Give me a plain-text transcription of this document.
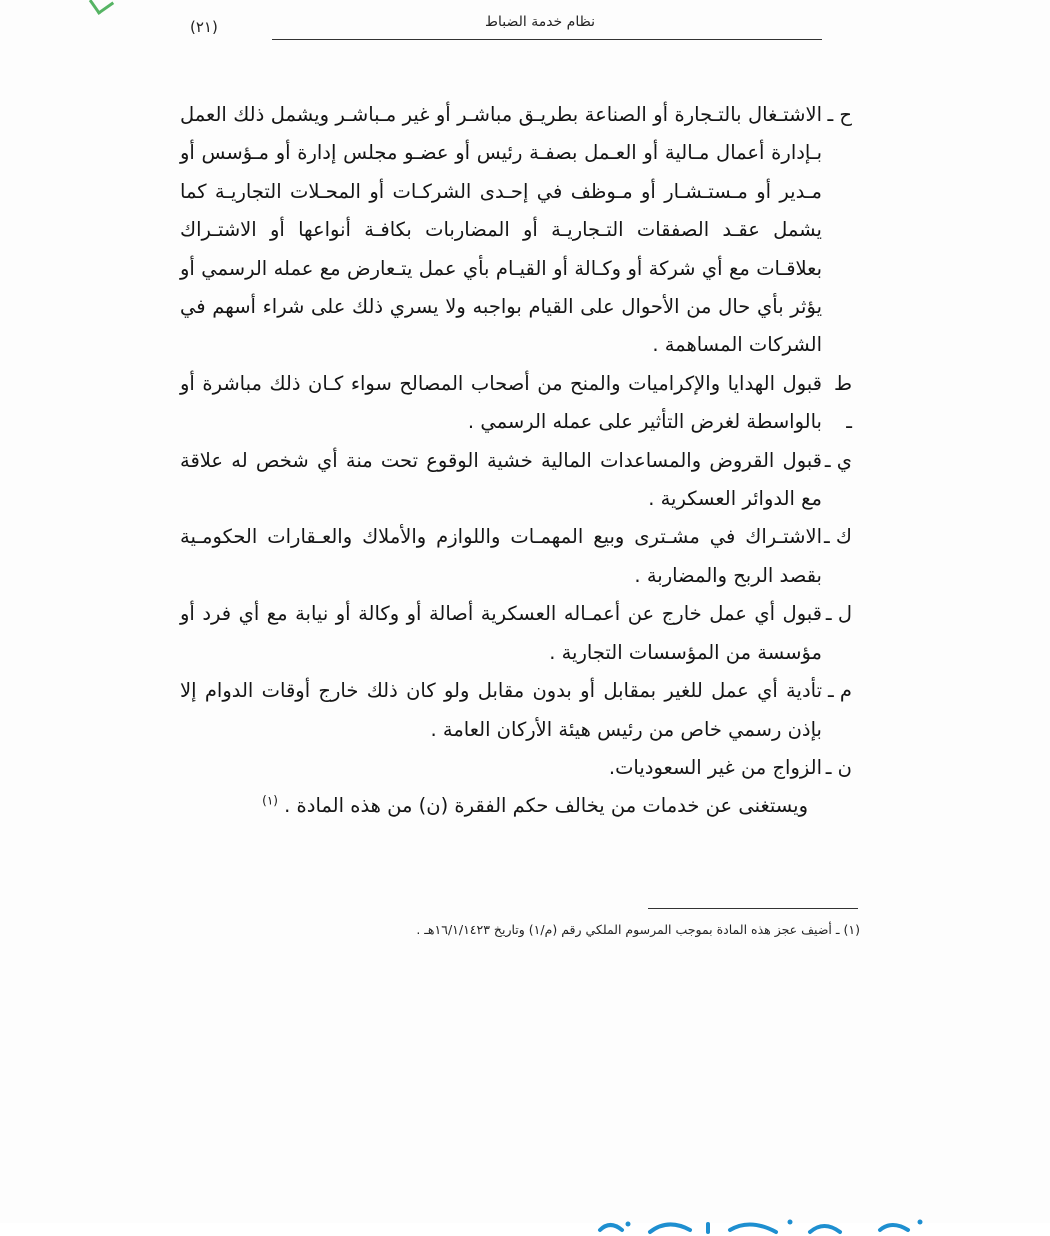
نظام خدمة الضباط
(٢١)
ح ـ
الاشتـغال بالتـجارة أو الصناعة بطريـق مباشـر أو غير مـباشـر ويشمل ذلك العمل بـإدارة أعمال مـالية أو العـمل بصفـة رئيس أو عضـو مجلس إدارة أو مـؤسس أو مـدير أو مـستـشـار أو مـوظف في إحـدى الشركـات أو المحـلات التجاريـة كما يشمل عقـد الصفقات التـجاريـة أو المضاربات بكافـة أنواعها أو الاشتـراك بعلاقـات مع أي شركة أو وكـالة أو القيـام بأي عمل يتـعارض مع عمله الرسمي أو يؤثر بأي حال من الأحوال على القيام بواجبه ولا يسري ذلك على شراء أسهم في الشركات المساهمة .
ط ـ
قبول الهدايا والإكراميات والمنح من أصحاب المصالح سواء كـان ذلك مباشرة أو بالواسطة لغرض التأثير على عمله الرسمي .
ي ـ
قبول القروض والمساعدات المالية خشية الوقوع تحت منة أي شخص له علاقة مع الدوائر العسكرية .
ك ـ
الاشتـراك في مشـترى وبيع المهمـات واللوازم والأملاك والعـقارات الحكومـية بقصد الربح والمضاربة .
ل ـ
قبول أي عمل خارج عن أعمـاله العسكرية أصالة أو وكالة أو نيابة مع أي فرد أو مؤسسة من المؤسسات التجارية .
م ـ
تأدية أي عمل للغير بمقابل أو بدون مقابل ولو كان ذلك خارج أوقات الدوام إلا بإذن رسمي خاص من رئيس هيئة الأركان العامة .
ن ـ
الزواج من غير السعوديات.

ويستغنى عن خدمات من يخالف حكم الفقرة (ن) من هذه المادة . $^{(١)}$

(١) ـ أضيف عجز هذه المادة بموجب المرسوم الملكي رقم (م/١) وتاريخ ١٦/١/١٤٢٣هـ .
